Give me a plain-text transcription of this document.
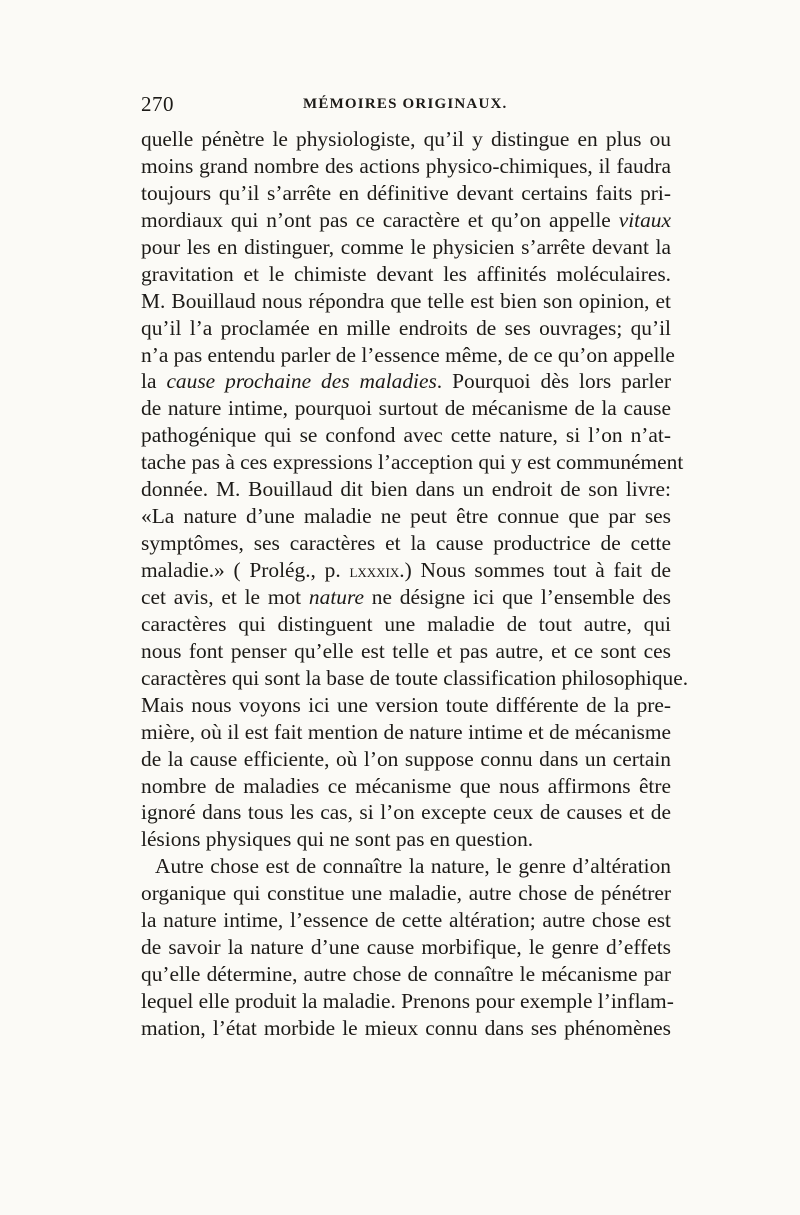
270	MÉMOIRES ORIGINAUX.
quelle pénètre le physiologiste, qu’il y distingue en plus ou
moins grand nombre des actions physico-chimiques, il faudra
toujours qu’il s’arrête en définitive devant certains faits pri-
mordiaux qui n’ont pas ce caractère et qu’on appelle vitaux
pour les en distinguer, comme le physicien s’arrête devant la
gravitation et le chimiste devant les affinités moléculaires.
M. Bouillaud nous répondra que telle est bien son opinion, et
qu’il l’a proclamée en mille endroits de ses ouvrages; qu’il
n’a pas entendu parler de l’essence même, de ce qu’on appelle
la cause prochaine des maladies. Pourquoi dès lors parler
de nature intime, pourquoi surtout de mécanisme de la cause
pathogénique qui se confond avec cette nature, si l’on n’at-
tache pas à ces expressions l’acception qui y est communément
donnée. M. Bouillaud dit bien dans un endroit de son livre:
«La nature d’une maladie ne peut être connue que par ses
symptômes, ses caractères et la cause productrice de cette
maladie.» ( Prolég., p. lxxxix.) Nous sommes tout à fait de
cet avis, et le mot nature ne désigne ici que l’ensemble des
caractères qui distinguent une maladie de tout autre, qui
nous font penser qu’elle est telle et pas autre, et ce sont ces
caractères qui sont la base de toute classification philosophique.
Mais nous voyons ici une version toute différente de la pre-
mière, où il est fait mention de nature intime et de mécanisme
de la cause efficiente, où l’on suppose connu dans un certain
nombre de maladies ce mécanisme que nous affirmons être
ignoré dans tous les cas, si l’on excepte ceux de causes et de
lésions physiques qui ne sont pas en question.
Autre chose est de connaître la nature, le genre d’altération
organique qui constitue une maladie, autre chose de pénétrer
la nature intime, l’essence de cette altération; autre chose est
de savoir la nature d’une cause morbifique, le genre d’effets
qu’elle détermine, autre chose de connaître le mécanisme par
lequel elle produit la maladie. Prenons pour exemple l’inflam-
mation, l’état morbide le mieux connu dans ses phénomènes
